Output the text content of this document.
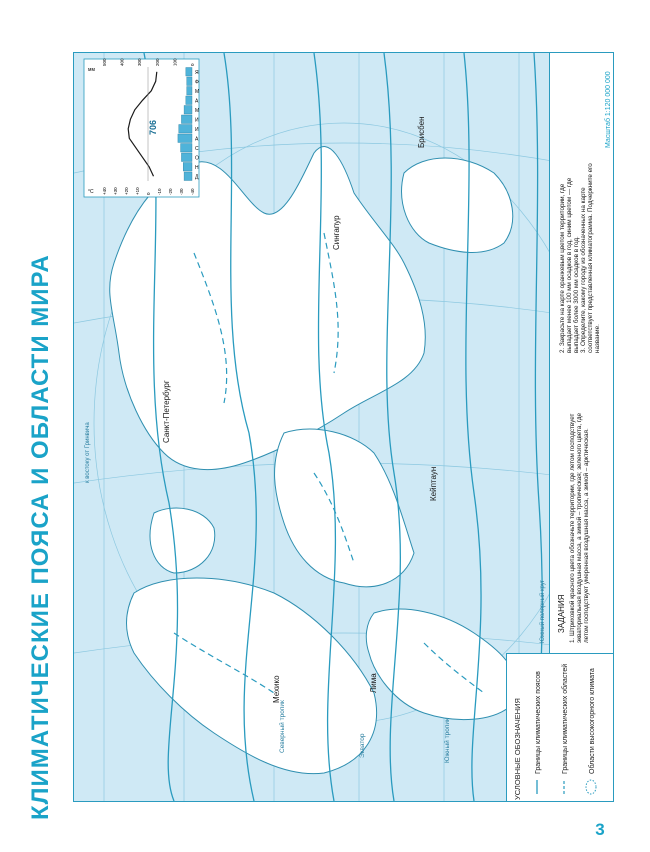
КЛИМАТИЧЕСКИЕ ПОЯСА И ОБЛАСТИ МИРА
Я
Ф
М
А
М
И
И
А
С
О
Н
Д
+40 +30 +20 +10 0 -10 -20 -30 -40
500	400	300	200	100	0
°C
мм
706
Мехико	Лима
Санкт-Петербург
Кейптаун
Сингапур
Брисбен
Северный тропик	Экватор	Южный тропик
Южный полярный круг
к востоку от Гринвича
Масштаб 1:120 000 000
ЗАДАНИЯ 1. Штриховкой красного цвета обозначьте территории, где летом господствует экваториальная воздушная масса, а зимой – тропическая; зеленого цвета, где летом господствует умеренная воздушная масса, а зимой – арктическая.
2. Закрасьте на карте оранжевым цветом территории, где выпадает менее 100 мм осадков в год, синим цветом — где выпадает более 3000 мм осадков в год. 3. Определите, какому городу из обозначенных на карте соответствует представленная климатограмма. Подчеркните его название.
УСЛОВНЫЕ ОБОЗНАЧЕНИЯ Границы климатических поясов	Границы климатических областей	Области высокогорного климата
3
